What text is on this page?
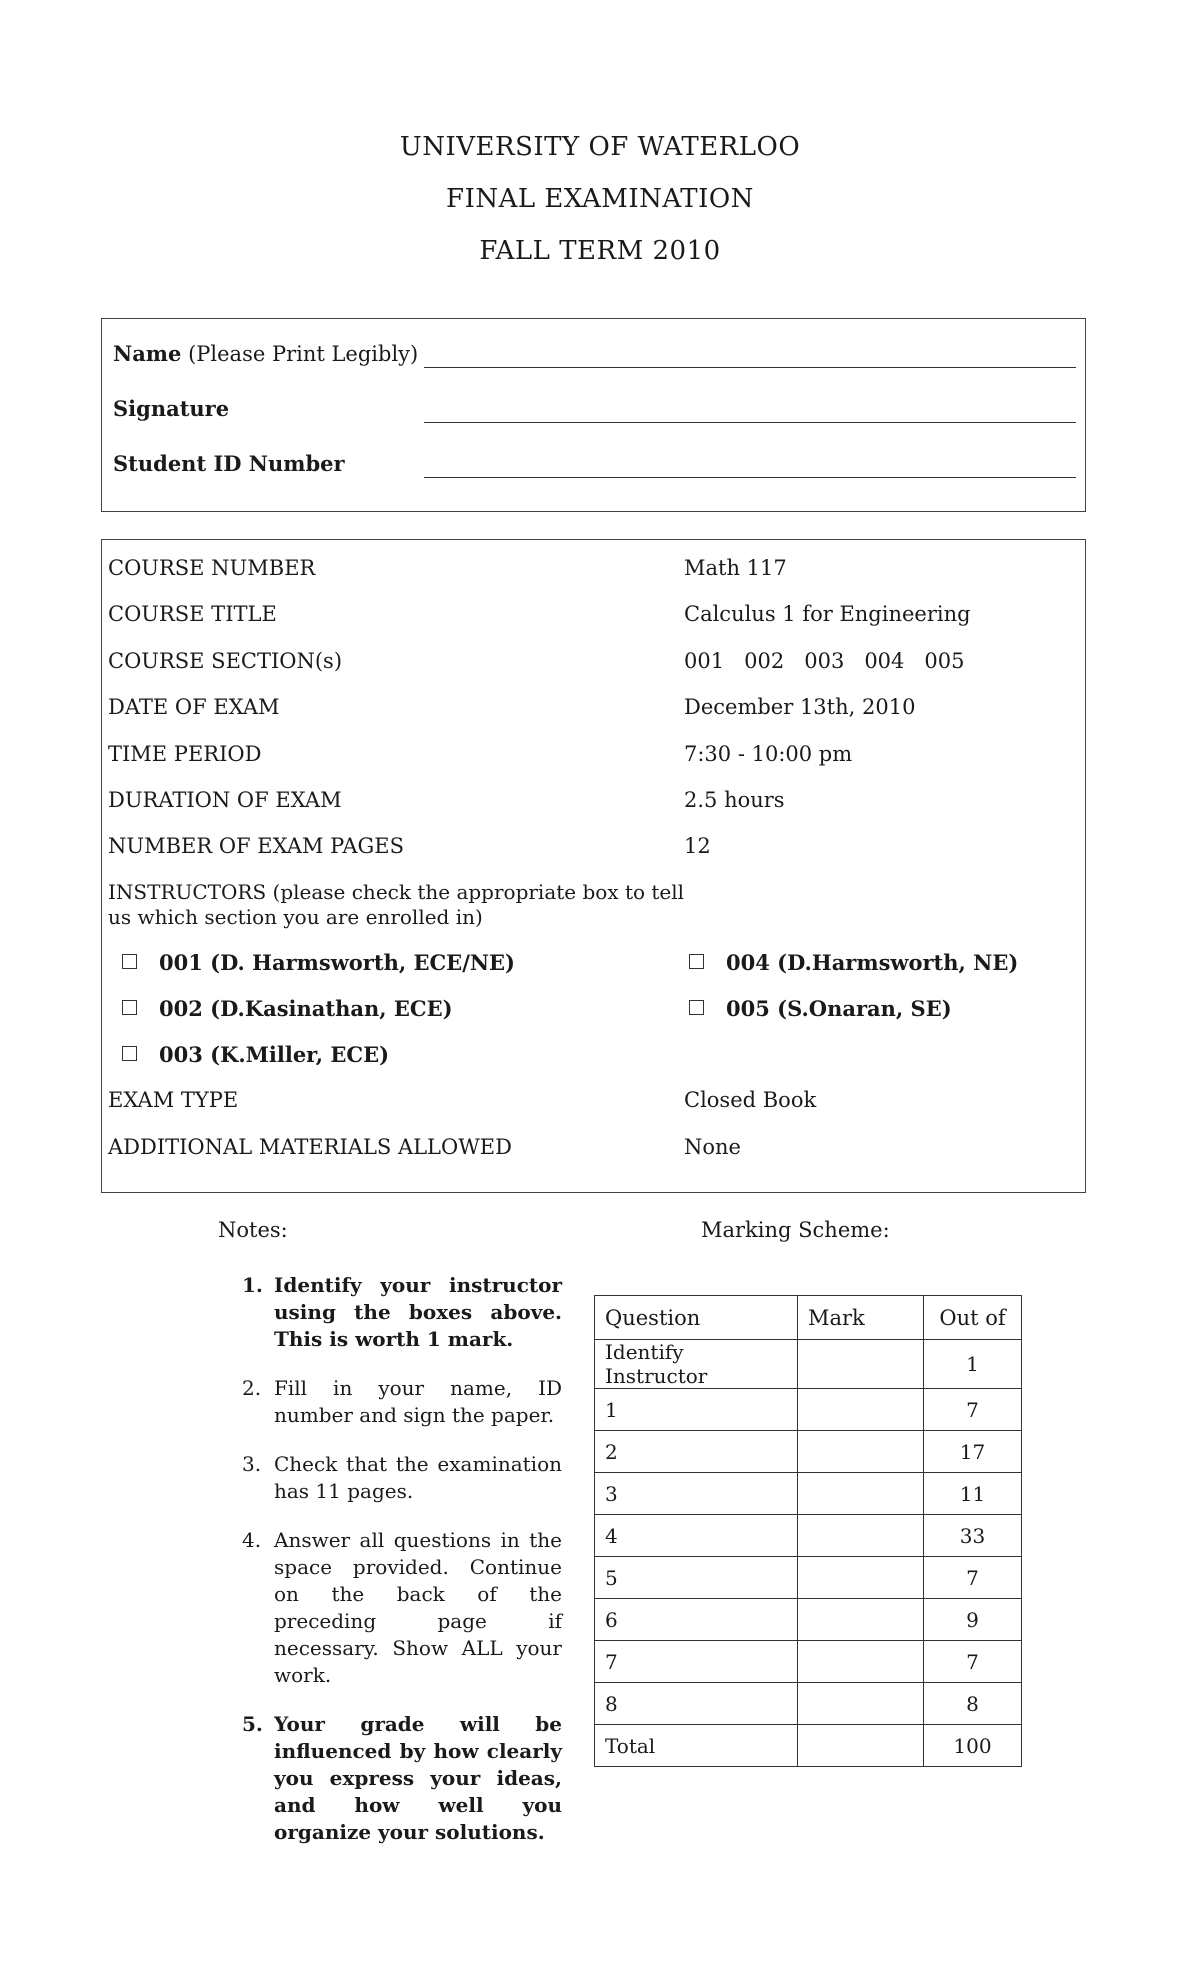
UNIVERSITY OF WATERLOO
FINAL EXAMINATION
FALL TERM 2010
Name (Please Print Legibly)
Signature
Student ID Number
COURSE NUMBER	Math 117
COURSE TITLE	Calculus 1 for Engineering
COURSE SECTION(s)	001   002   003   004   005
DATE OF EXAM	December 13th, 2010
TIME PERIOD	7:30 - 10:00 pm
DURATION OF EXAM	2.5 hours
NUMBER OF EXAM PAGES	12
INSTRUCTORS (please check the appropriate box to tell us which section you are enrolled in)
001 (D. Harmsworth, ECE/NE)	004 (D.Harmsworth, NE)
002 (D.Kasinathan, ECE)	005 (S.Onaran, SE)
003 (K.Miller, ECE)
EXAM TYPE	Closed Book
ADDITIONAL MATERIALS ALLOWED	None
Notes:
1. Identify your instructor using the boxes above. This is worth 1 mark.
2. Fill in your name, ID number and sign the paper.
3. Check that the examination has 11 pages.
4. Answer all questions in the space provided. Continue on the back of the preceding page if necessary. Show ALL your work.
5. Your grade will be influenced by how clearly you express your ideas, and how well you organize your solutions.
Marking Scheme:
Question	Mark	Out of
Identify Instructor		1
1		7
2		17
3		11
4		33
5		7
6		9
7		7
8		8
Total		100
